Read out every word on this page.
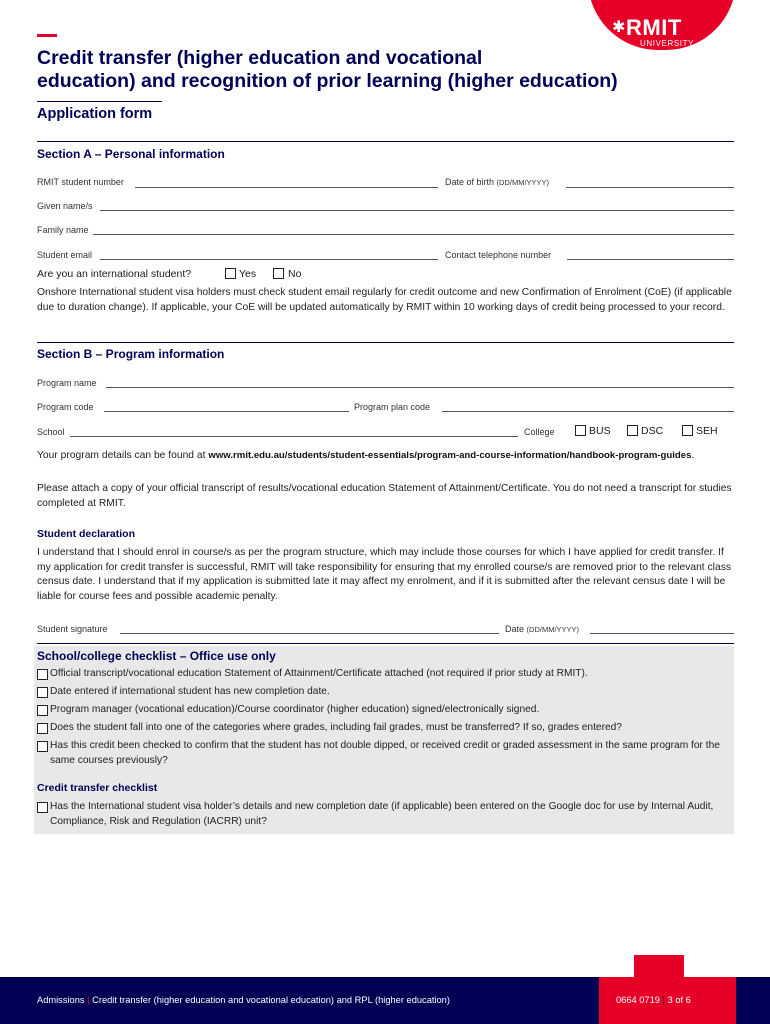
✱ RMIT
UNIVERSITY
Credit transfer (higher education and vocational
education) and recognition of prior learning (higher education)
Application form
Section A – Personal information
RMIT student number	Date of birth (DD/MM/YYYY)
Given name/s
Family name
Student email	Contact telephone number
Are you an international student?	Yes	No
Onshore International student visa holders must check student email regularly for credit outcome and new Confirmation of Enrolment (CoE) (if applicable due to duration change). If applicable, your CoE will be updated automatically by RMIT within 10 working days of credit being processed to your record.
Section B – Program information
Program name
Program code	Program plan code
School	College	BUS	DSC	SEH
Your program details can be found at www.rmit.edu.au/students/student-essentials/program-and-course-information/handbook-program-guides.
Please attach a copy of your official transcript of results/vocational education Statement of Attainment/Certificate. You do not need a transcript for studies completed at RMIT.
Student declaration
I understand that I should enrol in course/s as per the program structure, which may include those courses for which I have applied for credit transfer. If my application for credit transfer is successful, RMIT will take responsibility for ensuring that my enrolled course/s are removed prior to the relevant class census date. I understand that if my application is submitted late it may affect my enrolment, and if it is submitted after the relevant census date I will be liable for course fees and possible academic penalty.
Student signature	Date (DD/MM/YYYY)
School/college checklist – Office use only
Official transcript/vocational education Statement of Attainment/Certificate attached (not required if prior study at RMIT).
Date entered if international student has new completion date.
Program manager (vocational education)/Course coordinator (higher education) signed/electronically signed.
Does the student fall into one of the categories where grades, including fail grades, must be transferred? If so, grades entered?
Has this credit been checked to confirm that the student has not double dipped, or received credit or graded assessment in the same program for the same courses previously?
Credit transfer checklist
Has the International student visa holder’s details and new completion date (if applicable) been entered on the Google doc for use by Internal Audit, Compliance, Risk and Regulation (IACRR) unit?
Admissions | Credit transfer (higher education and vocational education) and RPL (higher education)	0664 0719 | 3 of 6
